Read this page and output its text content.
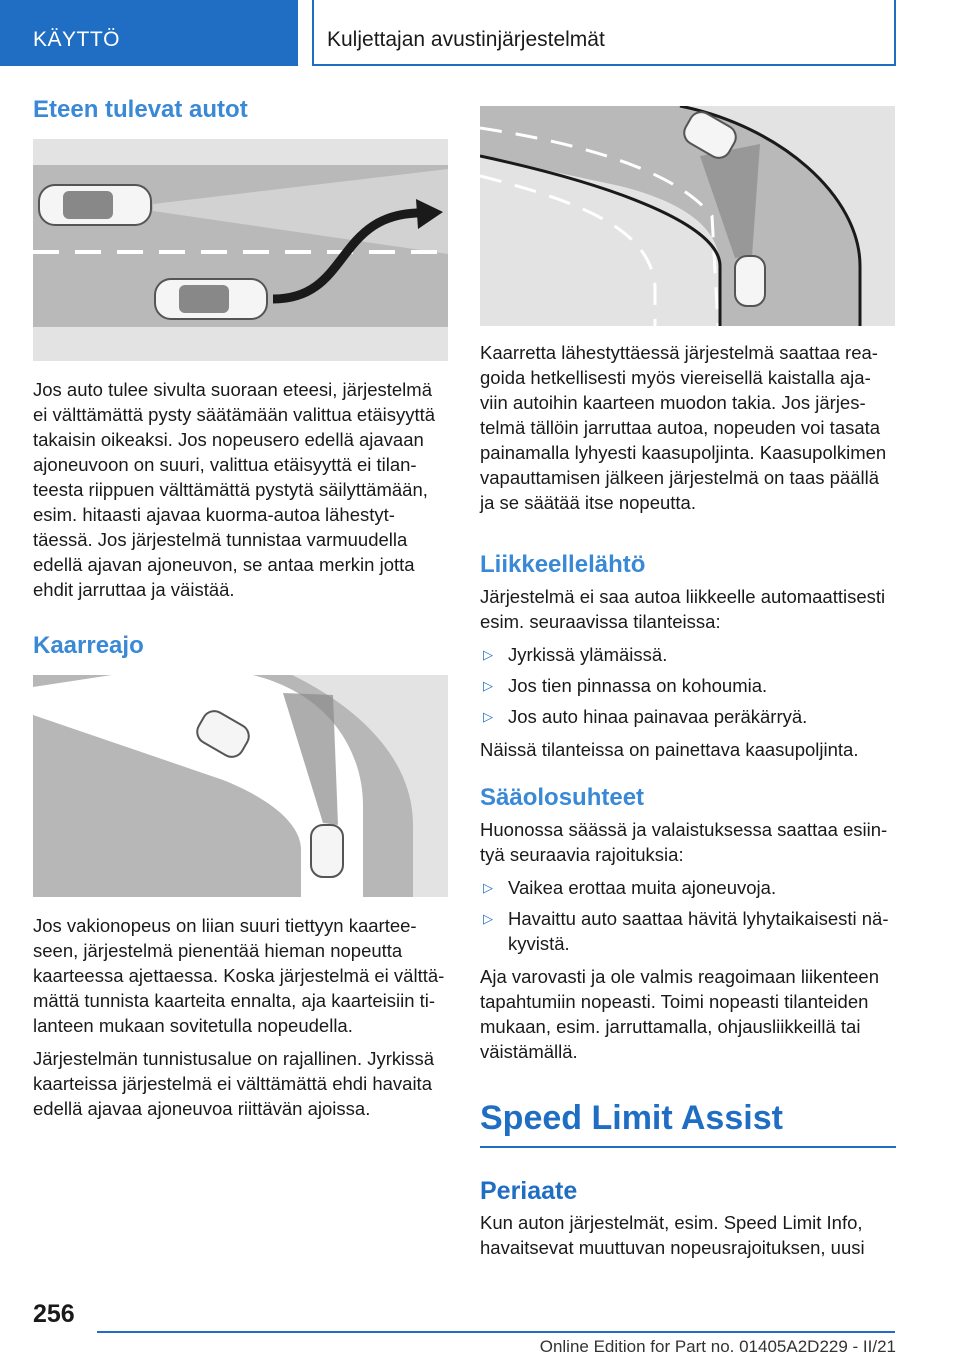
KÄYTTÖ	Kuljettajan avustinjärjestelmät
Eteen tulevat autot

Jos auto tulee sivulta suoraan eteesi, järjestelmä ei välttämättä pysty säätämään valittua etäisyyttä takaisin oikeaksi. Jos nopeusero edellä ajavaan ajoneuvoon on suuri, valittua etäisyyttä ei tilan-teesta riippuen välttämättä pystytä säilyttämään, esim. hitaasti ajavaa kuorma-autoa lähestyt-täessä. Jos järjestelmä tunnistaa varmuudella edellä ajavan ajoneuvon, se antaa merkin jotta ehdit jarruttaa ja väistää.

Kaarreajo

Jos vakionopeus on liian suuri tiettyyn kaartee-seen, järjestelmä pienentää hieman nopeutta kaarteessa ajettaessa. Koska järjestelmä ei välttä-mättä tunnista kaarteita ennalta, aja kaarteisiin ti-lanteen mukaan sovitetulla nopeudella.

Järjestelmän tunnistusalue on rajallinen. Jyrkissä kaarteissa järjestelmä ei välttämättä ehdi havaita edellä ajavaa ajoneuvoa riittävän ajoissa.

Kaarretta lähestyttäessä järjestelmä saattaa rea-goida hetkellisesti myös viereisellä kaistalla aja-viin autoihin kaarteen muodon takia. Jos järjes-telmä tällöin jarruttaa autoa, nopeuden voi tasata painamalla lyhyesti kaasupoljinta. Kaasupolkimen vapauttamisen jälkeen järjestelmä on taas päällä ja se säätää itse nopeutta.

Liikkeellelähtö

Järjestelmä ei saa autoa liikkeelle automaattisesti esim. seuraavissa tilanteissa:

▷ Jyrkissä ylämäissä.
▷ Jos tien pinnassa on kohoumia.
▷ Jos auto hinaa painavaa peräkärryä.

Näissä tilanteissa on painettava kaasupoljinta.

Sääolosuhteet

Huonossa säässä ja valaistuksessa saattaa esiin-tyä seuraavia rajoituksia:

▷ Vaikea erottaa muita ajoneuvoja.
▷ Havaittu auto saattaa hävitä lyhytaikaisesti nä-kyvistä.

Aja varovasti ja ole valmis reagoimaan liikenteen tapahtumiin nopeasti. Toimi nopeasti tilanteiden mukaan, esim. jarruttamalla, ohjausliikkeillä tai väistämällä.

Speed Limit Assist
Periaate

Kun auton järjestelmät, esim. Speed Limit Info, havaitsevat muuttuvan nopeusrajoituksen, uusi

256
Online Edition for Part no. 01405A2D229 - II/21
